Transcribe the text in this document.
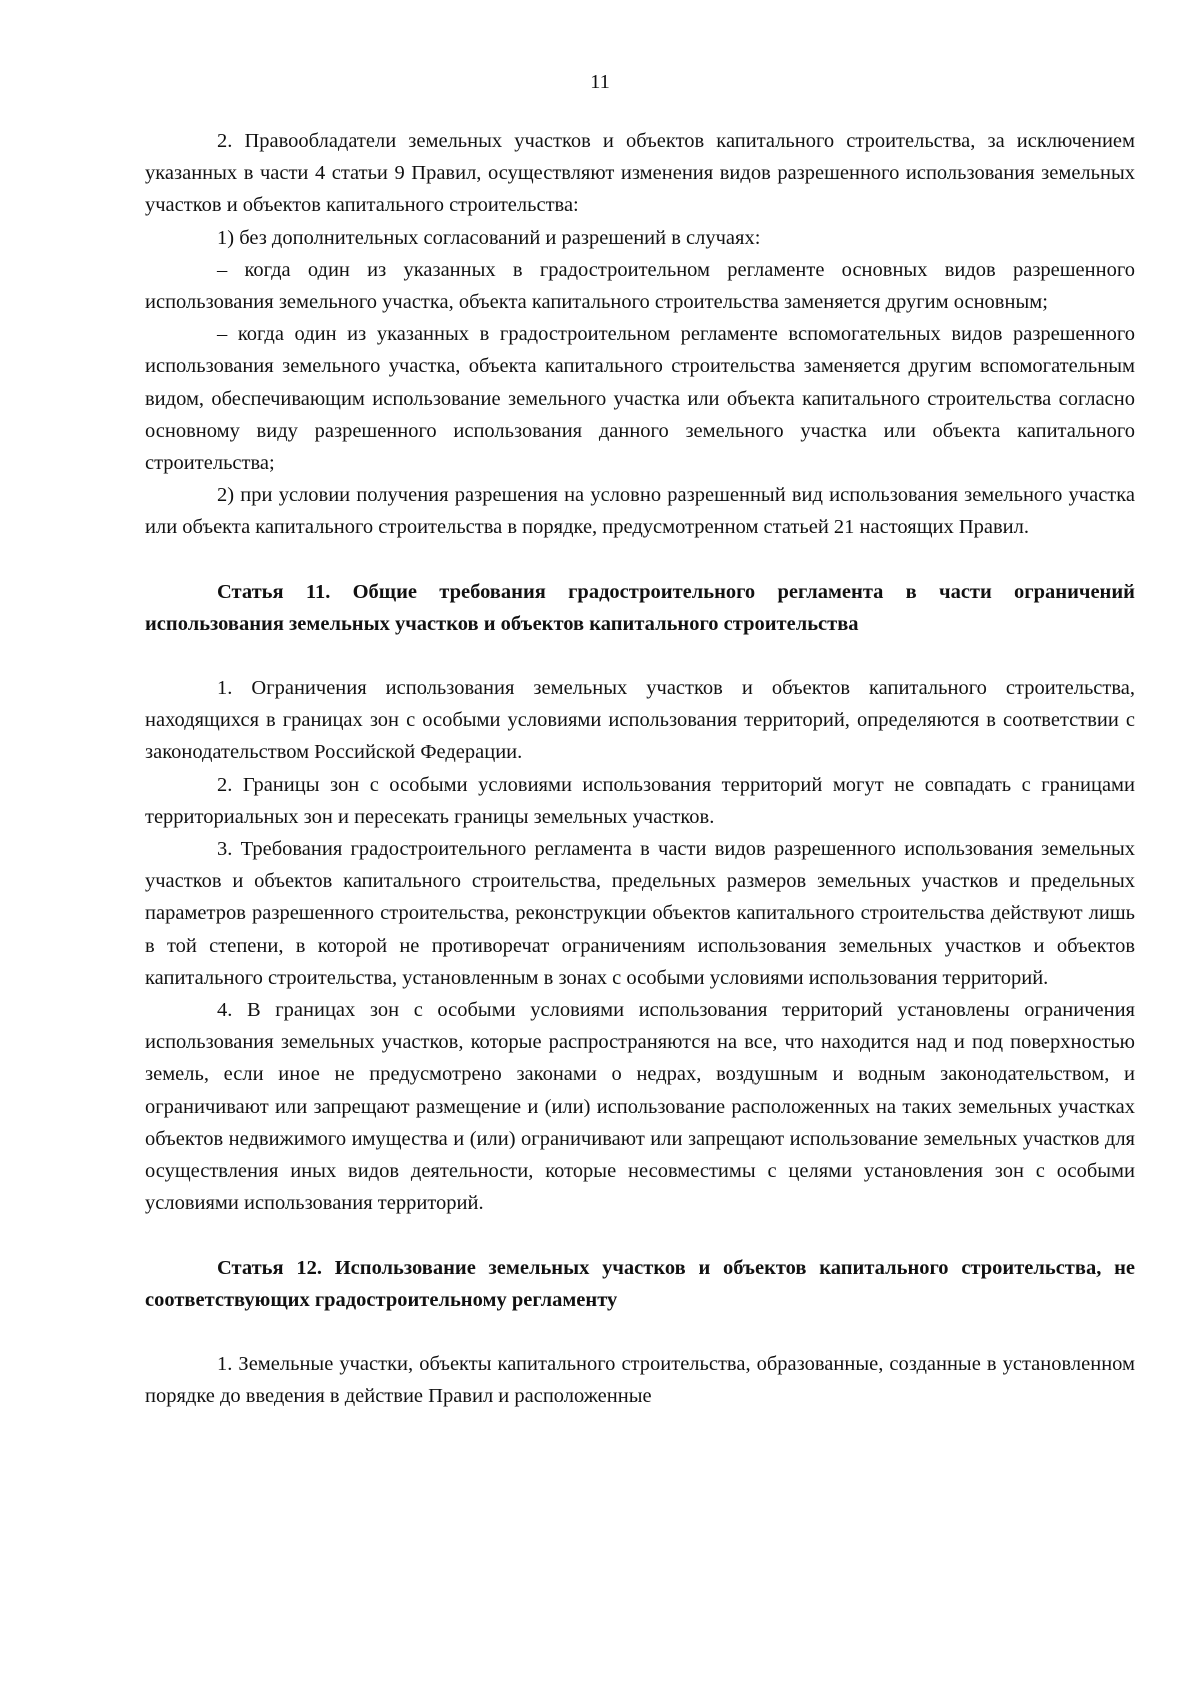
11

2. Правообладатели земельных участков и объектов капитального строительства, за исключением указанных в части 4 статьи 9 Правил, осуществляют изменения видов разрешенного использования земельных участков и объектов капитального строительства:

1) без дополнительных согласований и разрешений в случаях:

– когда один из указанных в градостроительном регламенте основных видов разрешенного использования земельного участка, объекта капитального строительства заменяется другим основным;

– когда один из указанных в градостроительном регламенте вспомогательных видов разрешенного использования земельного участка, объекта капитального строительства заменяется другим вспомогательным видом, обеспечивающим использование земельного участка или объекта капитального строительства согласно основному виду разрешенного использования данного земельного участка или объекта капитального строительства;

2) при условии получения разрешения на условно разрешенный вид использования земельного участка или объекта капитального строительства в порядке, предусмотренном статьей 21 настоящих Правил.

Статья 11. Общие требования градостроительного регламента в части ограничений использования земельных участков и объектов капитального строительства

1. Ограничения использования земельных участков и объектов капитального строительства, находящихся в границах зон с особыми условиями использования территорий, определяются в соответствии с законодательством Российской Федерации.

2. Границы зон с особыми условиями использования территорий могут не совпадать с границами территориальных зон и пересекать границы земельных участков.

3. Требования градостроительного регламента в части видов разрешенного использования земельных участков и объектов капитального строительства, предельных размеров земельных участков и предельных параметров разрешенного строительства, реконструкции объектов капитального строительства действуют лишь в той степени, в которой не противоречат ограничениям использования земельных участков и объектов капитального строительства, установленным в зонах с особыми условиями использования территорий.

4. В границах зон с особыми условиями использования территорий установлены ограничения использования земельных участков, которые распространяются на все, что находится над и под поверхностью земель, если иное не предусмотрено законами о недрах, воздушным и водным законодательством, и ограничивают или запрещают размещение и (или) использование расположенных на таких земельных участках объектов недвижимого имущества и (или) ограничивают или запрещают использование земельных участков для осуществления иных видов деятельности, которые несовместимы с целями установления зон с особыми условиями использования территорий.

Статья 12. Использование земельных участков и объектов капитального строительства, не соответствующих градостроительному регламенту

1. Земельные участки, объекты капитального строительства, образованные, созданные в установленном порядке до введения в действие Правил и расположенные
